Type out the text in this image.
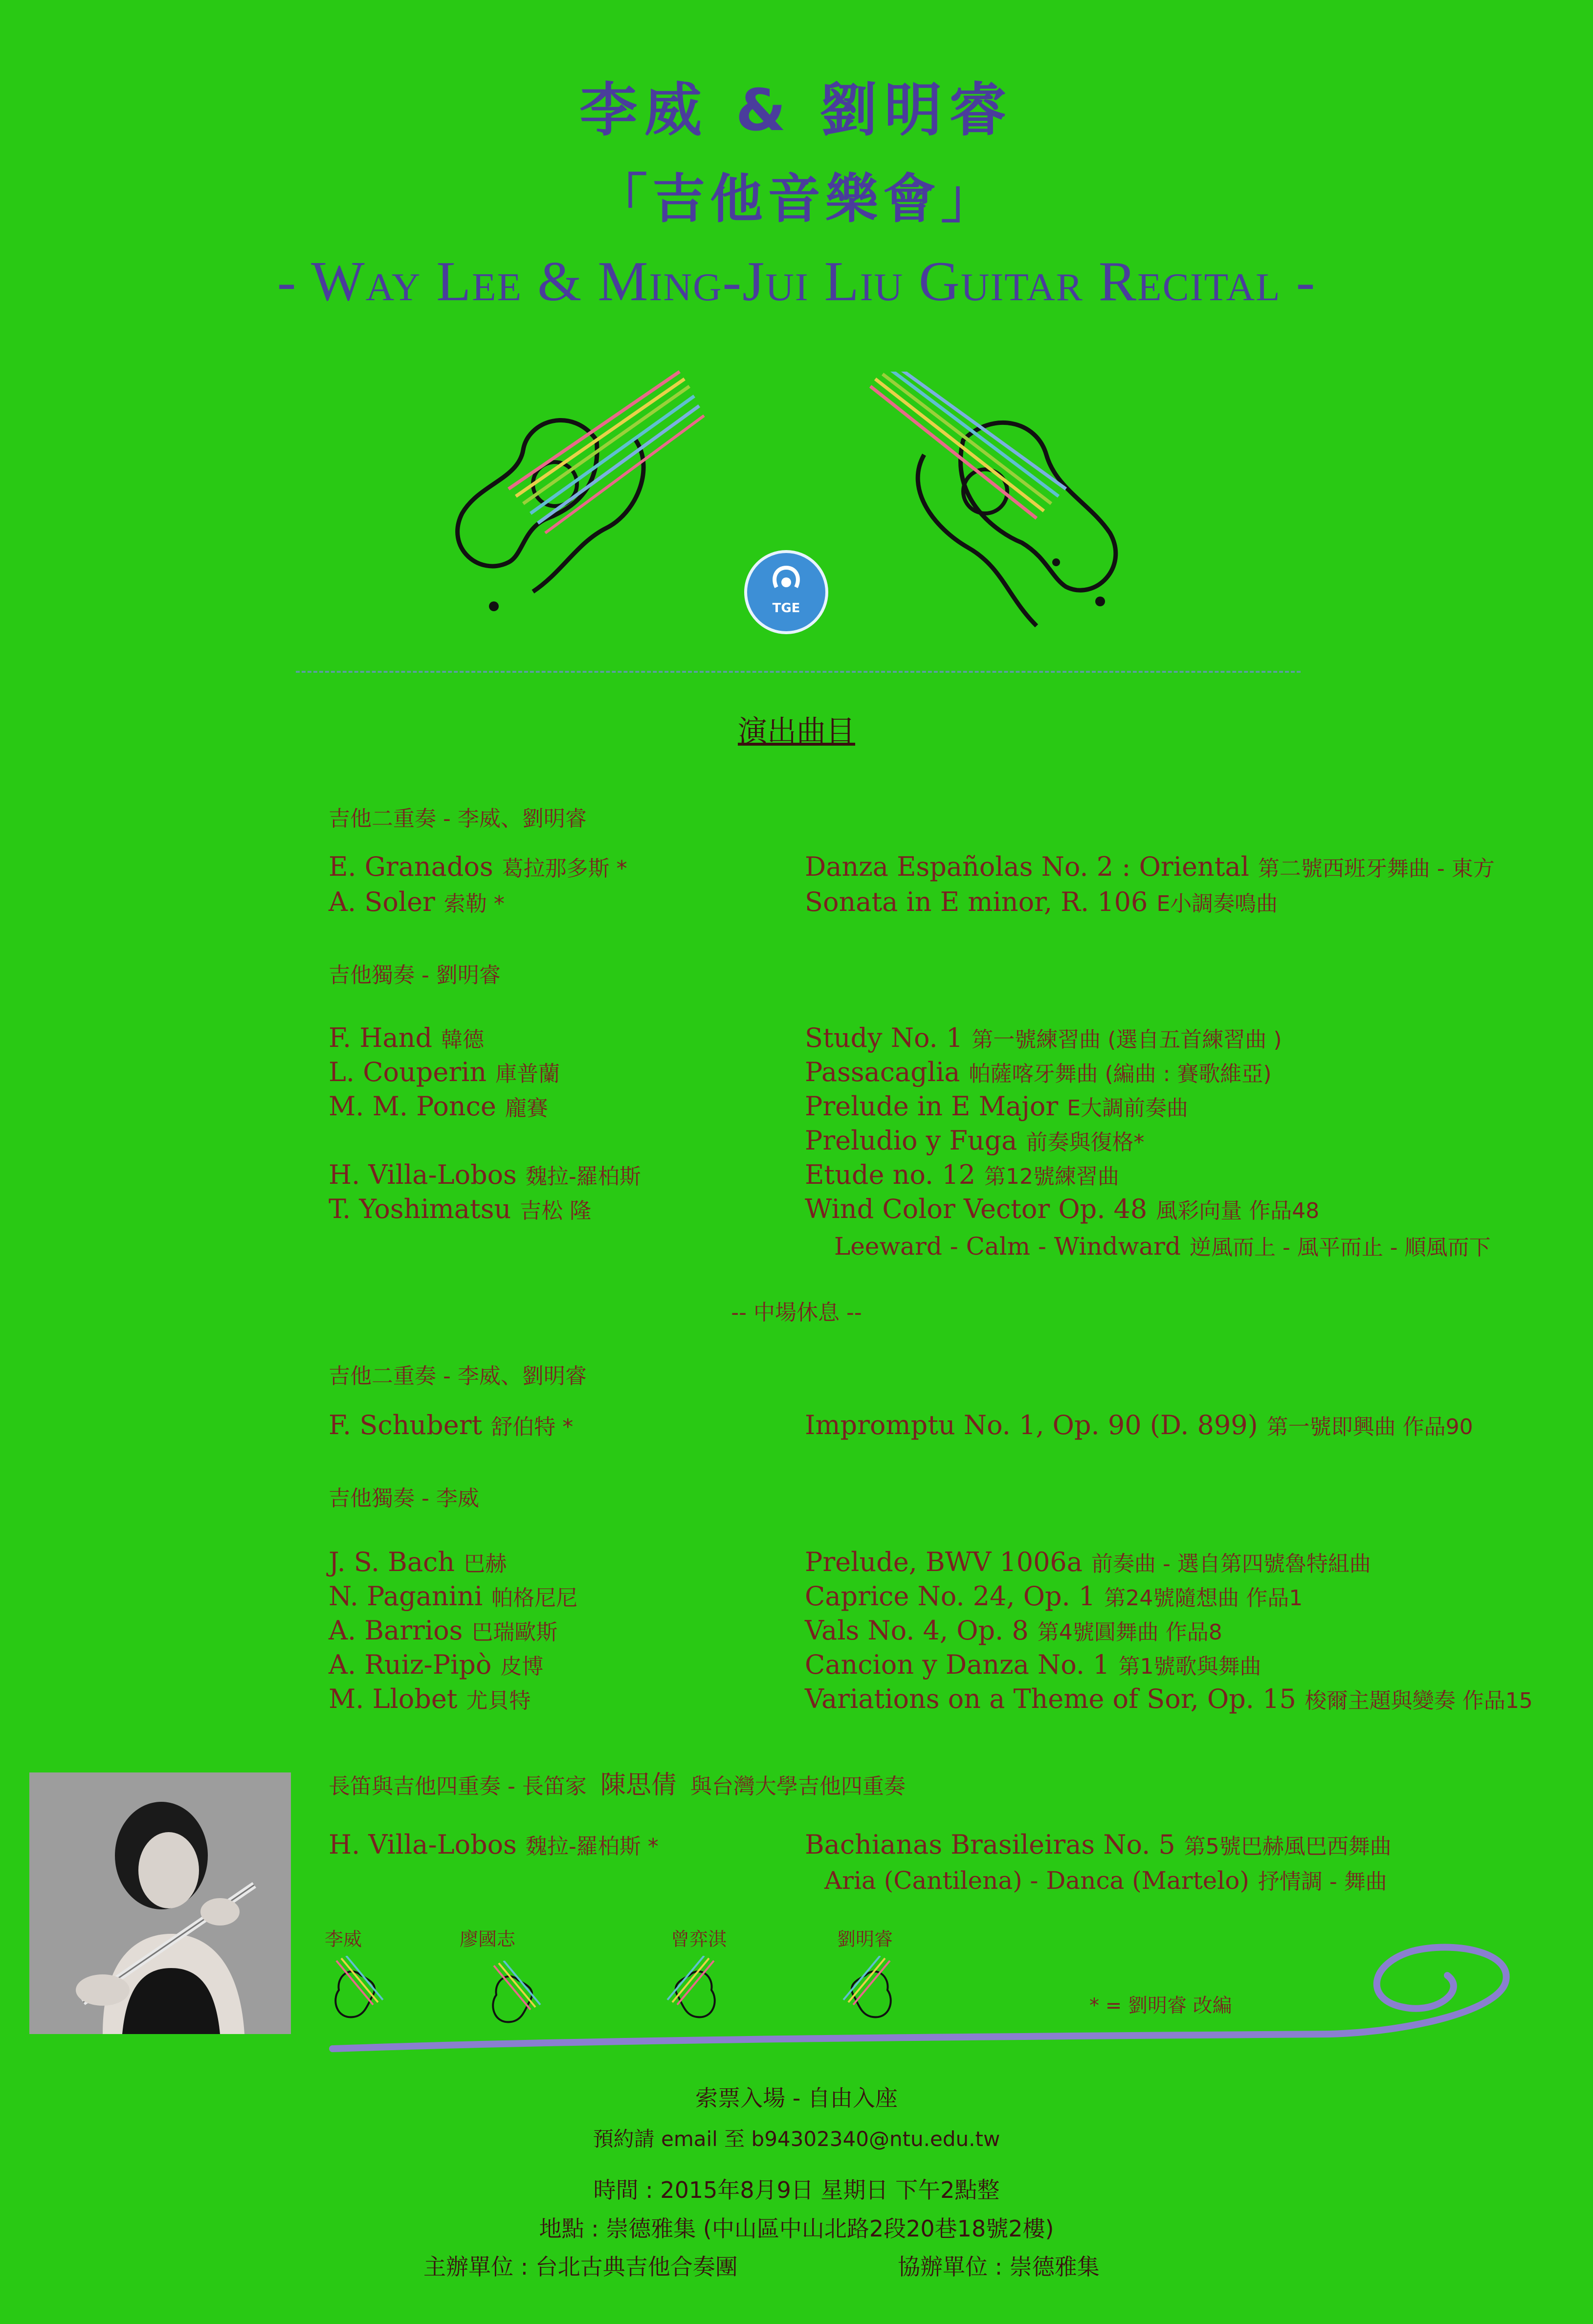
李威 & 劉明睿
「吉他音樂會」
- Way Lee & Ming-Jui Liu Guitar Recital -
TGE
演出曲目
吉他二重奏 - 李威、劉明睿
E. Granados 葛拉那多斯 *	Danza Españolas No. 2 : Oriental 第二號西班牙舞曲 - 東方
A. Soler 索勒 *	Sonata in E minor, R. 106 E小調奏鳴曲
吉他獨奏 - 劉明睿
F. Hand 韓德	Study No. 1 第一號練習曲 (選自五首練習曲 )
L. Couperin 庫普蘭	Passacaglia 帕薩喀牙舞曲 (編曲 : 賽歌維亞)
M. M. Ponce 龐賽	Prelude in E Major E大調前奏曲
Preludio y Fuga 前奏與復格*
H. Villa-Lobos 魏拉-羅柏斯	Etude no. 12 第12號練習曲
T. Yoshimatsu 吉松 隆	Wind Color Vector Op. 48 風彩向量 作品48
Leeward - Calm - Windward 逆風而上 - 風平而止 - 順風而下
-- 中場休息 --
吉他二重奏 - 李威、劉明睿
F. Schubert 舒伯特 *	Impromptu No. 1, Op. 90 (D. 899) 第一號即興曲 作品90
吉他獨奏 - 李威
J. S. Bach 巴赫	Prelude, BWV 1006a 前奏曲 - 選自第四號魯特組曲
N. Paganini 帕格尼尼	Caprice No. 24, Op. 1 第24號隨想曲 作品1
A. Barrios 巴瑞歐斯	Vals No. 4, Op. 8 第4號圓舞曲 作品8
A. Ruiz-Pipò 皮博	Cancion y Danza No. 1 第1號歌與舞曲
M. Llobet 尤貝特	Variations on a Theme of Sor, Op. 15 梭爾主題與變奏 作品15
長笛與吉他四重奏 - 長笛家 陳思倩 與台灣大學吉他四重奏
H. Villa-Lobos 魏拉-羅柏斯 *	Bachianas Brasileiras No. 5 第5號巴赫風巴西舞曲
Aria (Cantilena) - Danca (Martelo) 抒情調 - 舞曲
李威	廖國志	曾弈淇	劉明睿
* = 劉明睿 改編
索票入場 - 自由入座
預約請 email 至 b94302340@ntu.edu.tw
時間 : 2015年8月9日 星期日 下午2點整
地點 : 崇德雅集 (中山區中山北路2段20巷18號2樓)
主辦單位 : 台北古典吉他合奏團	協辦單位 : 崇德雅集
